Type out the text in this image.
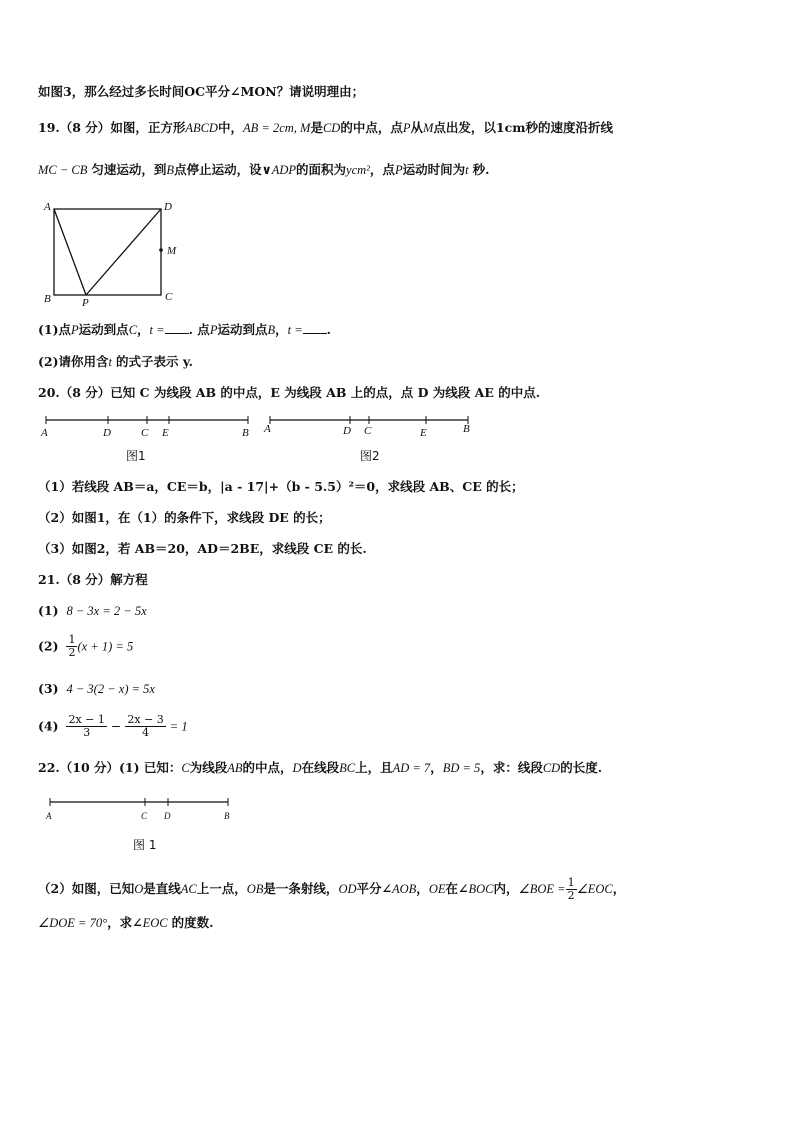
如图3，那么经过多长时间OC平分∠MON？请说明理由；
19.（8 分）如图，正方形ABCD中，AB = 2cm, M是CD的中点，点P从M点出发，以1cm秒的速度沿折线
MC − CB 匀速运动，到B点停止运动，设∨ADP的面积为ycm²，点P运动时间为t 秒.
A	D
M
B	P	C
(1)点P运动到点C，t = . 点P运动到点B，t = .
(2)请你用含t 的式子表示 y.
20.（8 分）已知 C 为线段 AB 的中点，E 为线段 AB 上的点，点 D 为线段 AE 的中点.
A	D	C E	B
图1
A	D C	E	B
图2
（1）若线段 AB＝a，CE＝b，|a - 17|+（b - 5.5）²＝0，求线段 AB、CE 的长；
（2）如图1，在（1）的条件下，求线段 DE 的长；
（3）如图2，若 AB＝20，AD＝2BE，求线段 CE 的长.
21.（8 分）解方程
(1) 8 − 3x = 2 − 5x
$(2) \frac{1}{2} (x + 1) = 5$
(3) 4 − 3(2 − x) = 5x
$(4) \frac{2x - 1}{3} - \frac{2x - 3}{4} = 1$
22.（10 分）(1) 已知：C为线段AB的中点，D在线段BC上，且AD = 7，BD = 5，求：线段CD的长度.
A	C D	B
图 1
（2）如图，已知O是直线AC上一点，OB是一条射线，OD平分∠AOB，OE在∠BOC内，∠BOE = $\frac{1}{2}$ ∠EOC，
∠DOE = 70°，求∠EOC 的度数.
